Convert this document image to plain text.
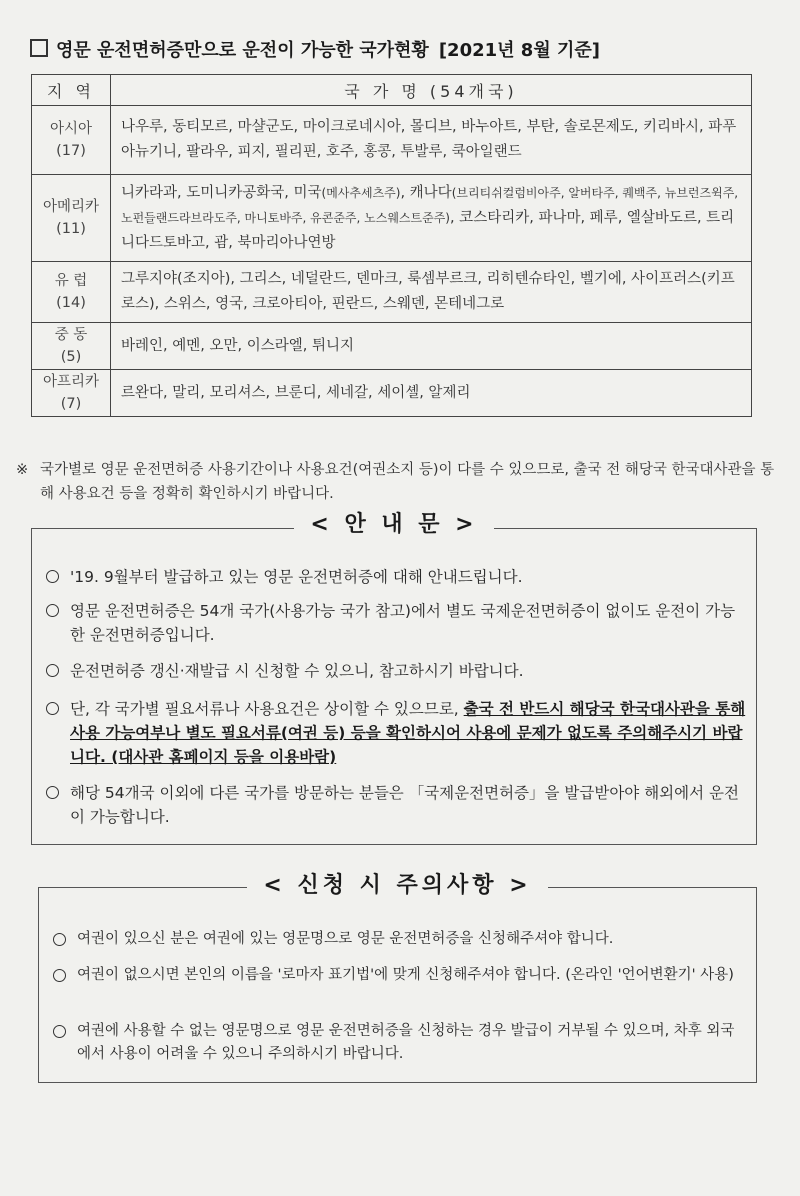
영문 운전면허증만으로 운전이 가능한 국가현황 [2021년 8월 기준]
지 역	국 가 명 (54개국)

아시아
(17)	나우루, 동티모르, 마샬군도, 마이크로네시아, 몰디브, 바누아트, 부탄, 솔로몬제도, 키리바시, 파푸아뉴기니, 팔라우, 피지, 필리핀, 호주, 홍콩, 투발루, 쿡아일랜드

아메리카
(11)	니카라과, 도미니카공화국, 미국(메사추세츠주), 캐나다(브리티쉬컬럼비아주, 알버타주, 퀘백주, 뉴브런즈윅주, 노펀들랜드라브라도주, 마니토바주, 유콘준주, 노스웨스트준주), 코스타리카, 파나마, 페루, 엘살바도르, 트리니다드토바고, 괌, 북마리아나연방

유 럽
(14)	그루지야(조지아), 그리스, 네덜란드, 덴마크, 룩셈부르크, 리히텐슈타인, 벨기에, 사이프러스(키프로스), 스위스, 영국, 크로아티아, 핀란드, 스웨덴, 몬테네그로

중 동
(5)	바레인, 예멘, 오만, 이스라엘, 튀니지

아프리카
(7)	르완다, 말리, 모리셔스, 브룬디, 세네갈, 세이셸, 알제리
※ 국가별로 영문 운전면허증 사용기간이나 사용요건(여권소지 등)이 다를 수 있으므로, 출국 전 해당국 한국대사관을 통해 사용요건 등을 정확히 확인하시기 바랍니다.
< 안 내 문 >
'19. 9월부터 발급하고 있는 영문 운전면허증에 대해 안내드립니다.
영문 운전면허증은 54개 국가(사용가능 국가 참고)에서 별도 국제운전면허증이 없이도 운전이 가능한 운전면허증입니다.
운전면허증 갱신·재발급 시 신청할 수 있으니, 참고하시기 바랍니다.
단, 각 국가별 필요서류나 사용요건은 상이할 수 있으므로, 출국 전 반드시 해당국 한국대사관을 통해 사용 가능여부나 별도 필요서류(여권 등) 등을 확인하시어 사용에 문제가 없도록 주의해주시기 바랍니다. (대사관 홈페이지 등을 이용바람)
해당 54개국 이외에 다른 국가를 방문하는 분들은 「국제운전면허증」을 발급받아야 해외에서 운전이 가능합니다.
< 신청 시 주의사항 >
여권이 있으신 분은 여권에 있는 영문명으로 영문 운전면허증을 신청해주셔야 합니다.
여권이 없으시면 본인의 이름을 '로마자 표기법'에 맞게 신청해주셔야 합니다. (온라인 '언어변환기' 사용)
여권에 사용할 수 없는 영문명으로 영문 운전면허증을 신청하는 경우 발급이 거부될 수 있으며, 차후 외국에서 사용이 어려울 수 있으니 주의하시기 바랍니다.
